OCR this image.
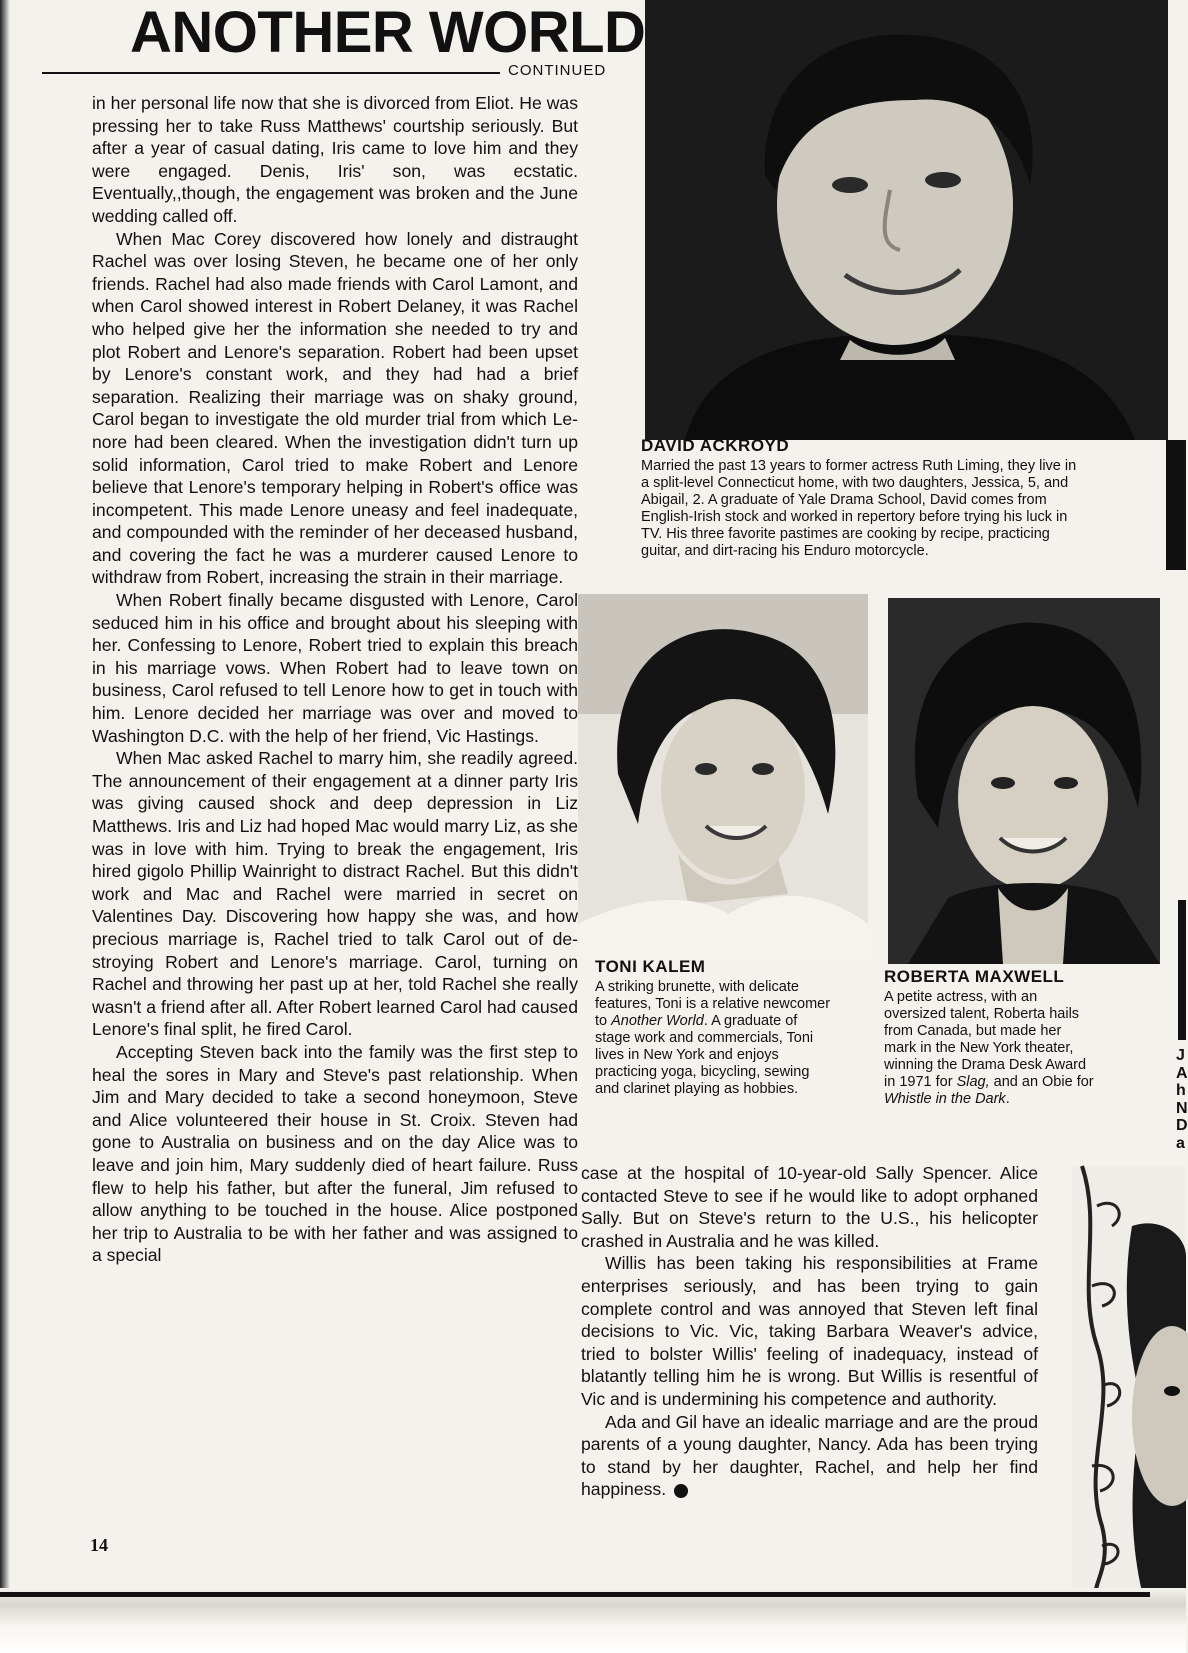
ANOTHER WORLD
CONTINUED

in her personal life now that she is divorced from Eliot. He was pressing her to take Russ Matthews' courtship seriously. But after a year of casual dating, Iris came to love him and they were engaged. Denis, Iris' son, was ecstatic. Eventually,,though, the engagement was broken and the June wedding called off.

When Mac Corey discovered how lonely and distraught Rachel was over losing Steven, he became one of her only friends. Rachel had also made friends with Carol Lamont, and when Carol showed interest in Robert Delaney, it was Rachel who helped give her the information she needed to try and plot Robert and Lenore's separation. Robert had been upset by Lenore's constant work, and they had had a brief separation. Realizing their marriage was on shaky ground, Carol began to investigate the old murder trial from which Lenore had been cleared. When the investigation didn't turn up solid information, Carol tried to make Robert and Lenore believe that Lenore's temporary helping in Robert's office was incompetent. This made Lenore uneasy and feel inadequate, and compounded with the reminder of her deceased husband, and covering the fact he was a murderer caused Lenore to withdraw from Robert, increasing the strain in their marriage.

When Robert finally became disgusted with Lenore, Carol seduced him in his office and brought about his sleeping with her. Confessing to Lenore, Robert tried to explain this breach in his marriage vows. When Robert had to leave town on business, Carol refused to tell Lenore how to get in touch with him. Lenore decided her marriage was over and moved to Washington D.C. with the help of her friend, Vic Hastings.

When Mac asked Rachel to marry him, she readily agreed. The announcement of their engagement at a dinner party Iris was giving caused shock and deep depression in Liz Matthews. Iris and Liz had hoped Mac would marry Liz, as she was in love with him. Trying to break the engagement, Iris hired gigolo Phillip Wainright to distract Rachel. But this didn't work and Mac and Rachel were married in secret on Valentines Day. Discovering how happy she was, and how precious marriage is, Rachel tried to talk Carol out of destroying Robert and Lenore's marriage. Carol, turning on Rachel and throwing her past up at her, told Rachel she really wasn't a friend after all. After Robert learned Carol had caused Lenore's final split, he fired Carol.

Accepting Steven back into the family was the first step to heal the sores in Mary and Steve's past relationship. When Jim and Mary decided to take a second honeymoon, Steve and Alice volunteered their house in St. Croix. Steven had gone to Australia on business and on the day Alice was to leave and join him, Mary suddenly died of heart failure. Russ flew to help his father, but after the funeral, Jim refused to allow anything to be touched in the house. Alice postponed her trip to Australia to be with her father and was assigned to a special

case at the hospital of 10-year-old Sally Spencer. Alice contacted Steve to see if he would like to adopt orphaned Sally. But on Steve's return to the U.S., his helicopter crashed in Australia and he was killed.

Willis has been taking his responsibilities at Frame enterprises seriously, and has been trying to gain complete control and was annoyed that Steven left final decisions to Vic. Vic, taking Barbara Weaver's advice, tried to bolster Willis' feeling of inadequacy, instead of blatantly telling him he is wrong. But Willis is resentful of Vic and is undermining his competence and authority.

Ada and Gil have an idealic marriage and are the proud parents of a young daughter, Nancy. Ada has been trying to stand by her daughter, Rachel, and help her find happiness.

DAVID ACKROYD

Married the past 13 years to former actress Ruth Liming, they live in a split-level Connecticut home, with two daughters, Jessica, 5, and Abigail, 2. A graduate of Yale Drama School, David comes from English-Irish stock and worked in repertory before trying his luck in TV. His three favorite pastimes are cooking by recipe, practicing guitar, and dirt-racing his Enduro motorcycle.

TONI KALEM

A striking brunette, with delicate features, Toni is a relative newcomer to Another World. A graduate of stage work and commercials, Toni lives in New York and enjoys practicing yoga, bicycling, sewing and clarinet playing as hobbies.

ROBERTA MAXWELL

A petite actress, with an oversized talent, Roberta hails from Canada, but made her mark in the New York theater, winning the Drama Desk Award in 1971 for Slag, and an Obie for Whistle in the Dark.

14
J
A
h
N
D
a
